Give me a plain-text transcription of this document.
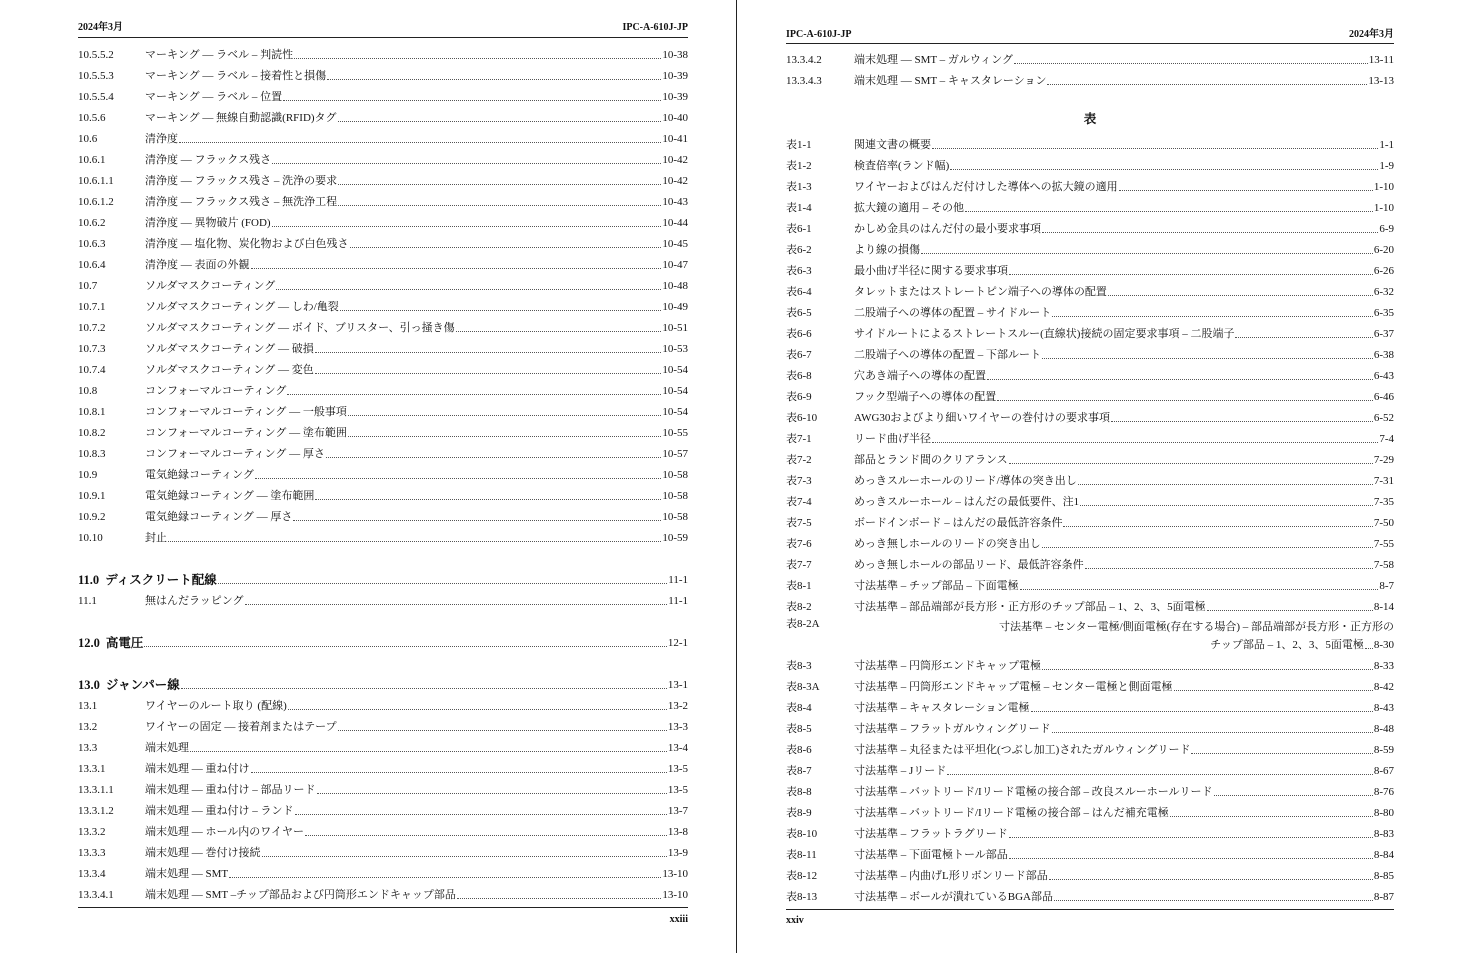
2024年3月	IPC-A-610J-JP
10.5.5.2	マーキング — ラベル – 判読性	10-38
10.5.5.3	マーキング — ラベル – 接着性と損傷	10-39
10.5.5.4	マーキング — ラベル – 位置	10-39
10.5.6	マーキング — 無線自動認識(RFID)タグ	10-40
10.6	清浄度	10-41
10.6.1	清浄度 — フラックス残さ	10-42
10.6.1.1	清浄度 — フラックス残さ – 洗浄の要求	10-42
10.6.1.2	清浄度 — フラックス残さ – 無洗浄工程	10-43
10.6.2	清浄度 — 異物破片 (FOD)	10-44
10.6.3	清浄度 — 塩化物、炭化物および白色残さ	10-45
10.6.4	清浄度 — 表面の外観	10-47
10.7	ソルダマスクコーティング	10-48
10.7.1	ソルダマスクコーティング — しわ/亀裂	10-49
10.7.2	ソルダマスクコーティング — ボイド、ブリスター、引っ掻き傷	10-51
10.7.3	ソルダマスクコーティング — 破損	10-53
10.7.4	ソルダマスクコーティング — 変色	10-54
10.8	コンフォーマルコーティング	10-54
10.8.1	コンフォーマルコーティング — 一般事項	10-54
10.8.2	コンフォーマルコーティング — 塗布範囲	10-55
10.8.3	コンフォーマルコーティング — 厚さ	10-57
10.9	電気絶縁コーティング	10-58
10.9.1	電気絶縁コーティング — 塗布範囲	10-58
10.9.2	電気絶縁コーティング — 厚さ	10-58
10.10	封止	10-59
11.0 ディスクリート配線	11-1
11.1	無はんだラッピング	11-1
12.0 高電圧	12-1
13.0 ジャンパー線	13-1
13.1	ワイヤーのルート取り (配線)	13-2
13.2	ワイヤーの固定 — 接着剤またはテープ	13-3
13.3	端末処理	13-4
13.3.1	端末処理 — 重ね付け	13-5
13.3.1.1	端末処理 — 重ね付け – 部品リード	13-5
13.3.1.2	端末処理 — 重ね付け – ランド	13-7
13.3.2	端末処理 — ホール内のワイヤー	13-8
13.3.3	端末処理 — 巻付け接続	13-9
13.3.4	端末処理 — SMT	13-10
13.3.4.1	端末処理 — SMT –チップ部品および円筒形エンドキャップ部品	13-10
xxiii
IPC-A-610J-JP	2024年3月
13.3.4.2	端末処理 — SMT – ガルウィング	13-11
13.3.4.3	端末処理 — SMT – キャスタレーション	13-13
表
表1-1	関連文書の概要	1-1
表1-2	検査倍率(ランド幅)	1-9
表1-3	ワイヤーおよびはんだ付けした導体への拡大鏡の適用	1-10
表1-4	拡大鏡の適用 – その他	1-10
表6-1	かしめ金具のはんだ付の最小要求事項	6-9
表6-2	より線の損傷	6-20
表6-3	最小曲げ半径に関する要求事項	6-26
表6-4	タレットまたはストレートピン端子への導体の配置	6-32
表6-5	二股端子への導体の配置 – サイドルート	6-35
表6-6	サイドルートによるストレートスルー(直線状)接続の固定要求事項 – 二股端子	6-37
表6-7	二股端子への導体の配置 – 下部ルート	6-38
表6-8	穴あき端子への導体の配置	6-43
表6-9	フック型端子への導体の配置	6-46
表6-10	AWG30およびより細いワイヤーの巻付けの要求事項	6-52
表7-1	リード曲げ半径	7-4
表7-2	部品とランド間のクリアランス	7-29
表7-3	めっきスルーホールのリード/導体の突き出し	7-31
表7-4	めっきスルーホール – はんだの最低要件、注1	7-35
表7-5	ボードインボード – はんだの最低許容条件	7-50
表7-6	めっき無しホールのリードの突き出し	7-55
表7-7	めっき無しホールの部品リード、最低許容条件	7-58
表8-1	寸法基準 – チップ部品 – 下面電極	8-7
表8-2	寸法基準 – 部品端部が長方形・正方形のチップ部品 – 1、2、3、5面電極	8-14
表8-2A	寸法基準 – センター電極/側面電極(存在する場合) – 部品端部が長方形・正方形の
チップ部品 – 1、2、3、5面電極 8-30
表8-3	寸法基準 – 円筒形エンドキャップ電極	8-33
表8-3A	寸法基準 – 円筒形エンドキャップ電極 – センター電極と側面電極	8-42
表8-4	寸法基準 – キャスタレーション電極	8-43
表8-5	寸法基準 – フラットガルウィングリード	8-48
表8-6	寸法基準 – 丸径または平坦化(つぶし加工)されたガルウィングリード	8-59
表8-7	寸法基準 – Jリード	8-67
表8-8	寸法基準 – バットリード/Iリード電極の接合部 – 改良スルーホールリード	8-76
表8-9	寸法基準 – バットリード/Iリード電極の接合部 – はんだ補充電極	8-80
表8-10	寸法基準 – フラットラグリード	8-83
表8-11	寸法基準 – 下面電極トール部品	8-84
表8-12	寸法基準 – 内曲げL形リボンリード部品	8-85
表8-13	寸法基準 – ボールが潰れているBGA部品	8-87
xxiv
